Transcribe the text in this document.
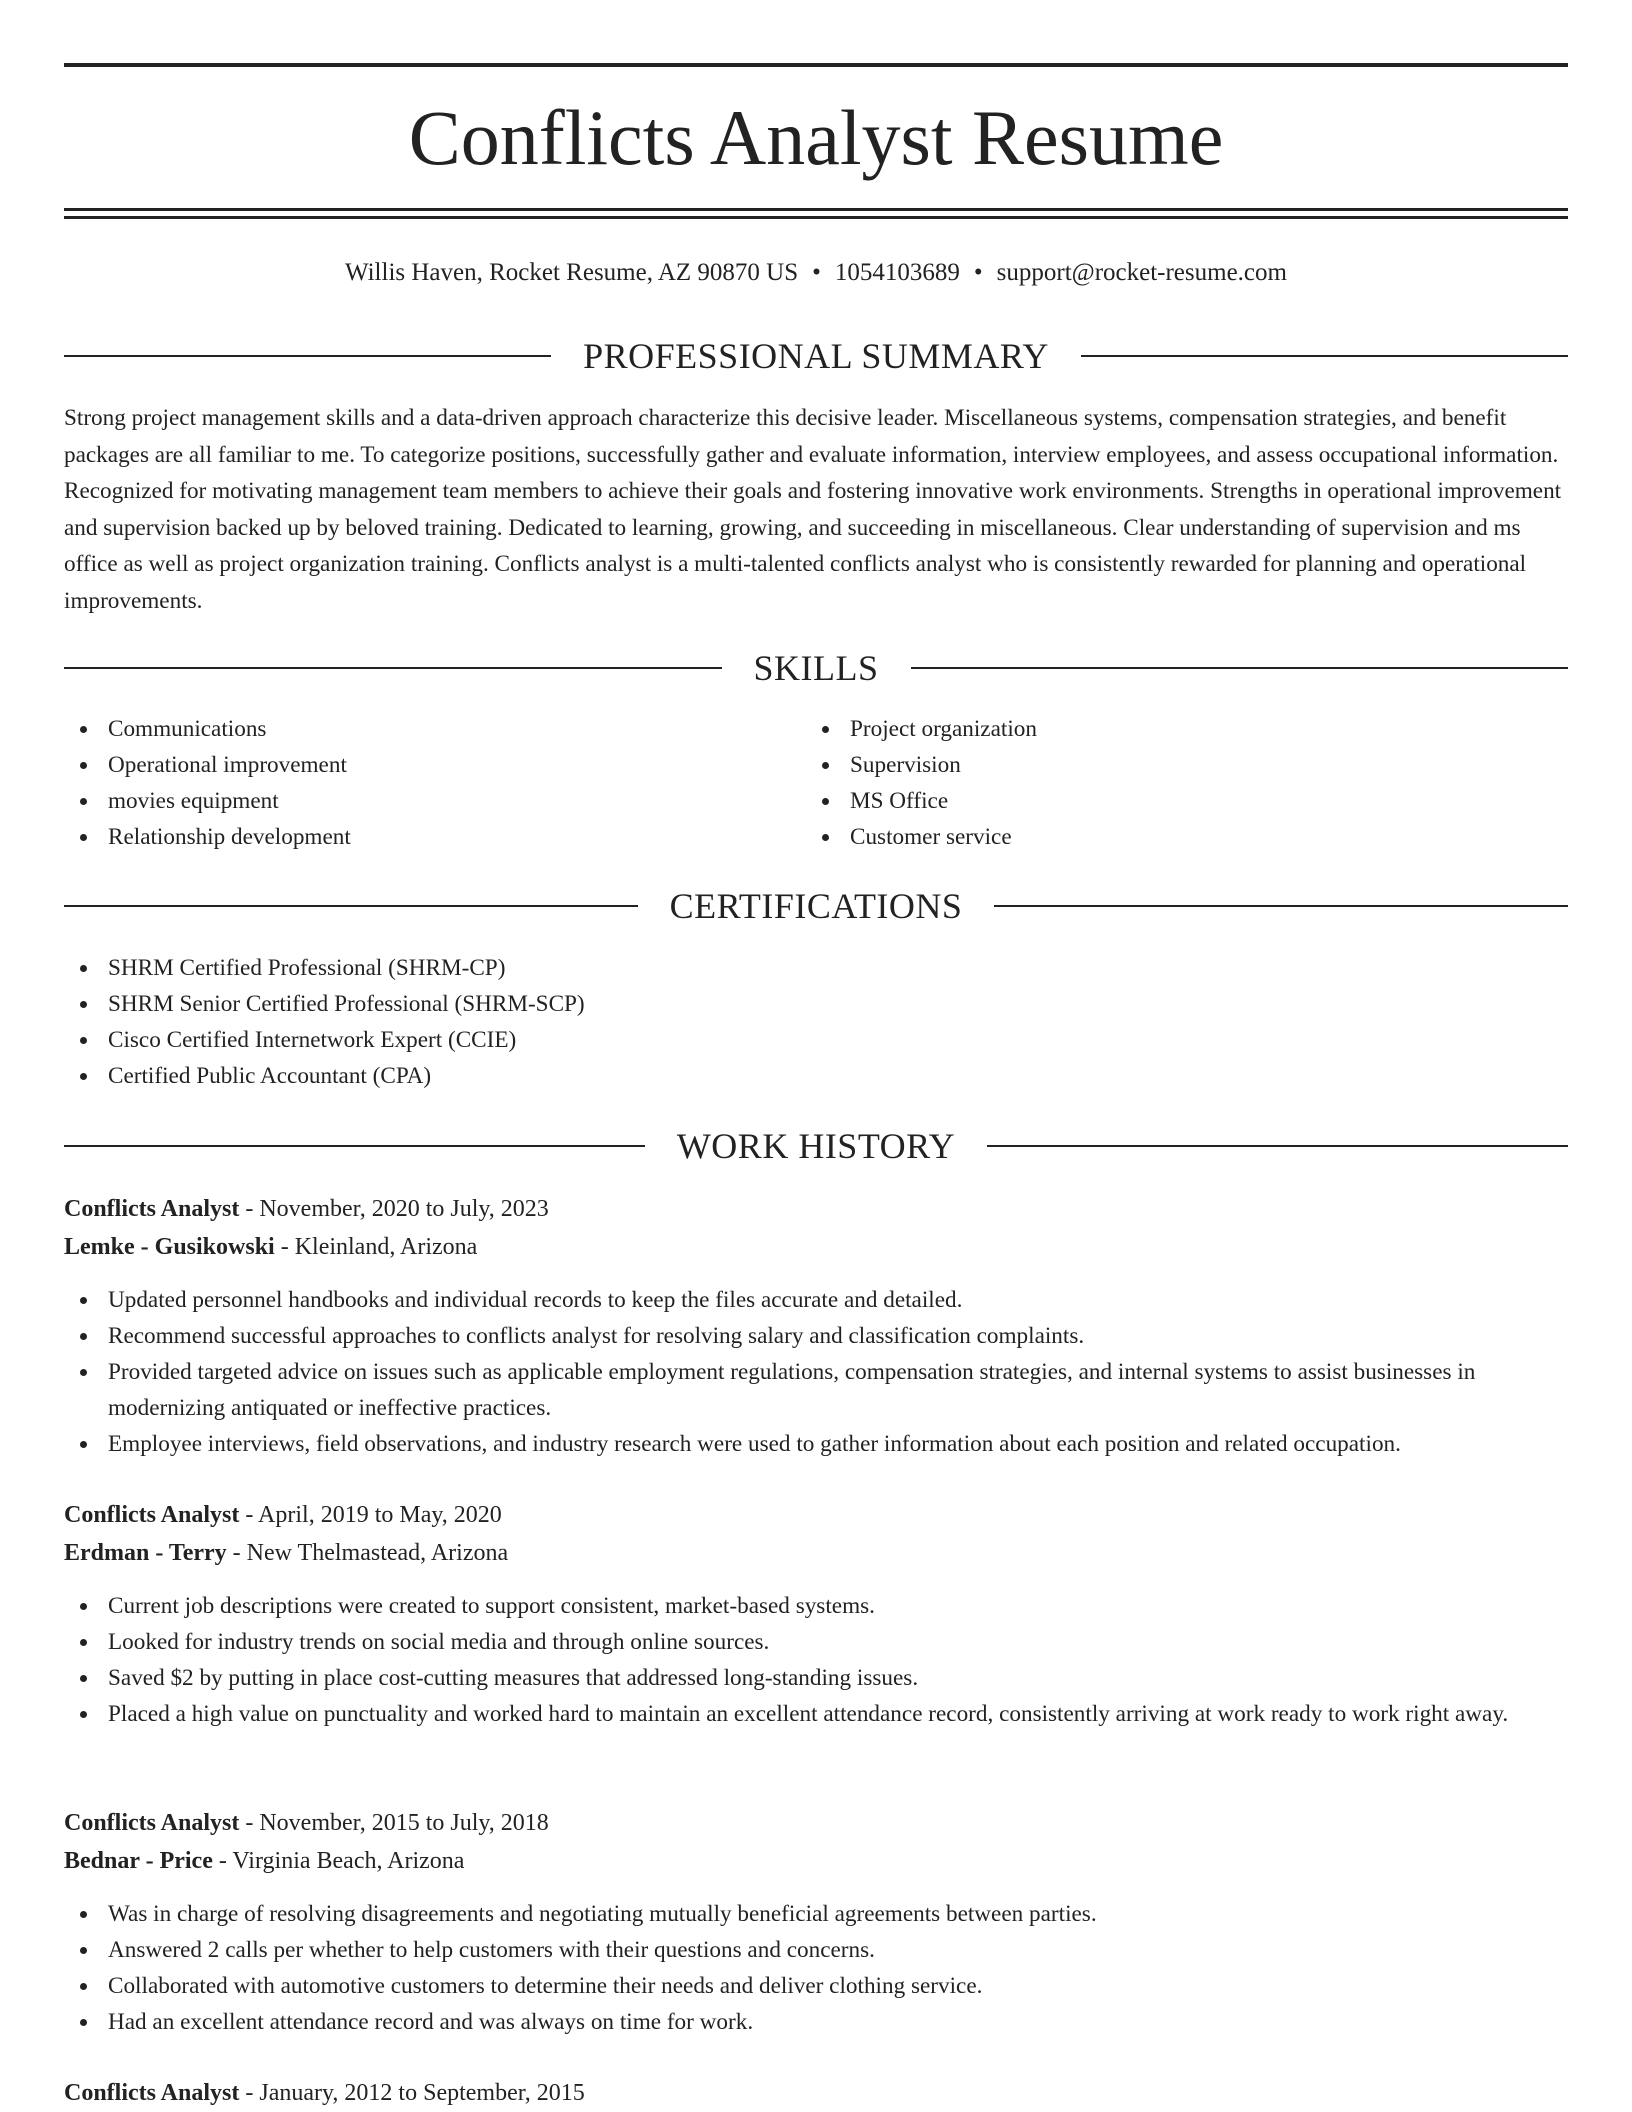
Conflicts Analyst Resume
Willis Haven, Rocket Resume, AZ 90870 US • 1054103689 • support@rocket-resume.com
PROFESSIONAL SUMMARY

Strong project management skills and a data-driven approach characterize this decisive leader. Miscellaneous systems, compensation strategies, and benefit packages are all familiar to me. To categorize positions, successfully gather and evaluate information, interview employees, and assess occupational information. Recognized for motivating management team members to achieve their goals and fostering innovative work environments. Strengths in operational improvement and supervision backed up by beloved training. Dedicated to learning, growing, and succeeding in miscellaneous. Clear understanding of supervision and ms office as well as project organization training. Conflicts analyst is a multi-talented conflicts analyst who is consistently rewarded for planning and operational improvements.

SKILLS
Communications
Operational improvement
movies equipment
Relationship development
Project organization
Supervision
MS Office
Customer service
CERTIFICATIONS
SHRM Certified Professional (SHRM-CP)
SHRM Senior Certified Professional (SHRM-SCP)
Cisco Certified Internetwork Expert (CCIE)
Certified Public Accountant (CPA)
WORK HISTORY

Conflicts Analyst - November, 2020 to July, 2023

Lemke - Gusikowski - Kleinland, Arizona

Updated personnel handbooks and individual records to keep the files accurate and detailed.
Recommend successful approaches to conflicts analyst for resolving salary and classification complaints.
Provided targeted advice on issues such as applicable employment regulations, compensation strategies, and internal systems to assist businesses in modernizing antiquated or ineffective practices.
Employee interviews, field observations, and industry research were used to gather information about each position and related occupation.

Conflicts Analyst - April, 2019 to May, 2020

Erdman - Terry - New Thelmastead, Arizona

Current job descriptions were created to support consistent, market-based systems.
Looked for industry trends on social media and through online sources.
Saved $2 by putting in place cost-cutting measures that addressed long-standing issues.
Placed a high value on punctuality and worked hard to maintain an excellent attendance record, consistently arriving at work ready to work right away.

Conflicts Analyst - November, 2015 to July, 2018

Bednar - Price - Virginia Beach, Arizona

Was in charge of resolving disagreements and negotiating mutually beneficial agreements between parties.
Answered 2 calls per whether to help customers with their questions and concerns.
Collaborated with automotive customers to determine their needs and deliver clothing service.
Had an excellent attendance record and was always on time for work.

Conflicts Analyst - January, 2012 to September, 2015
